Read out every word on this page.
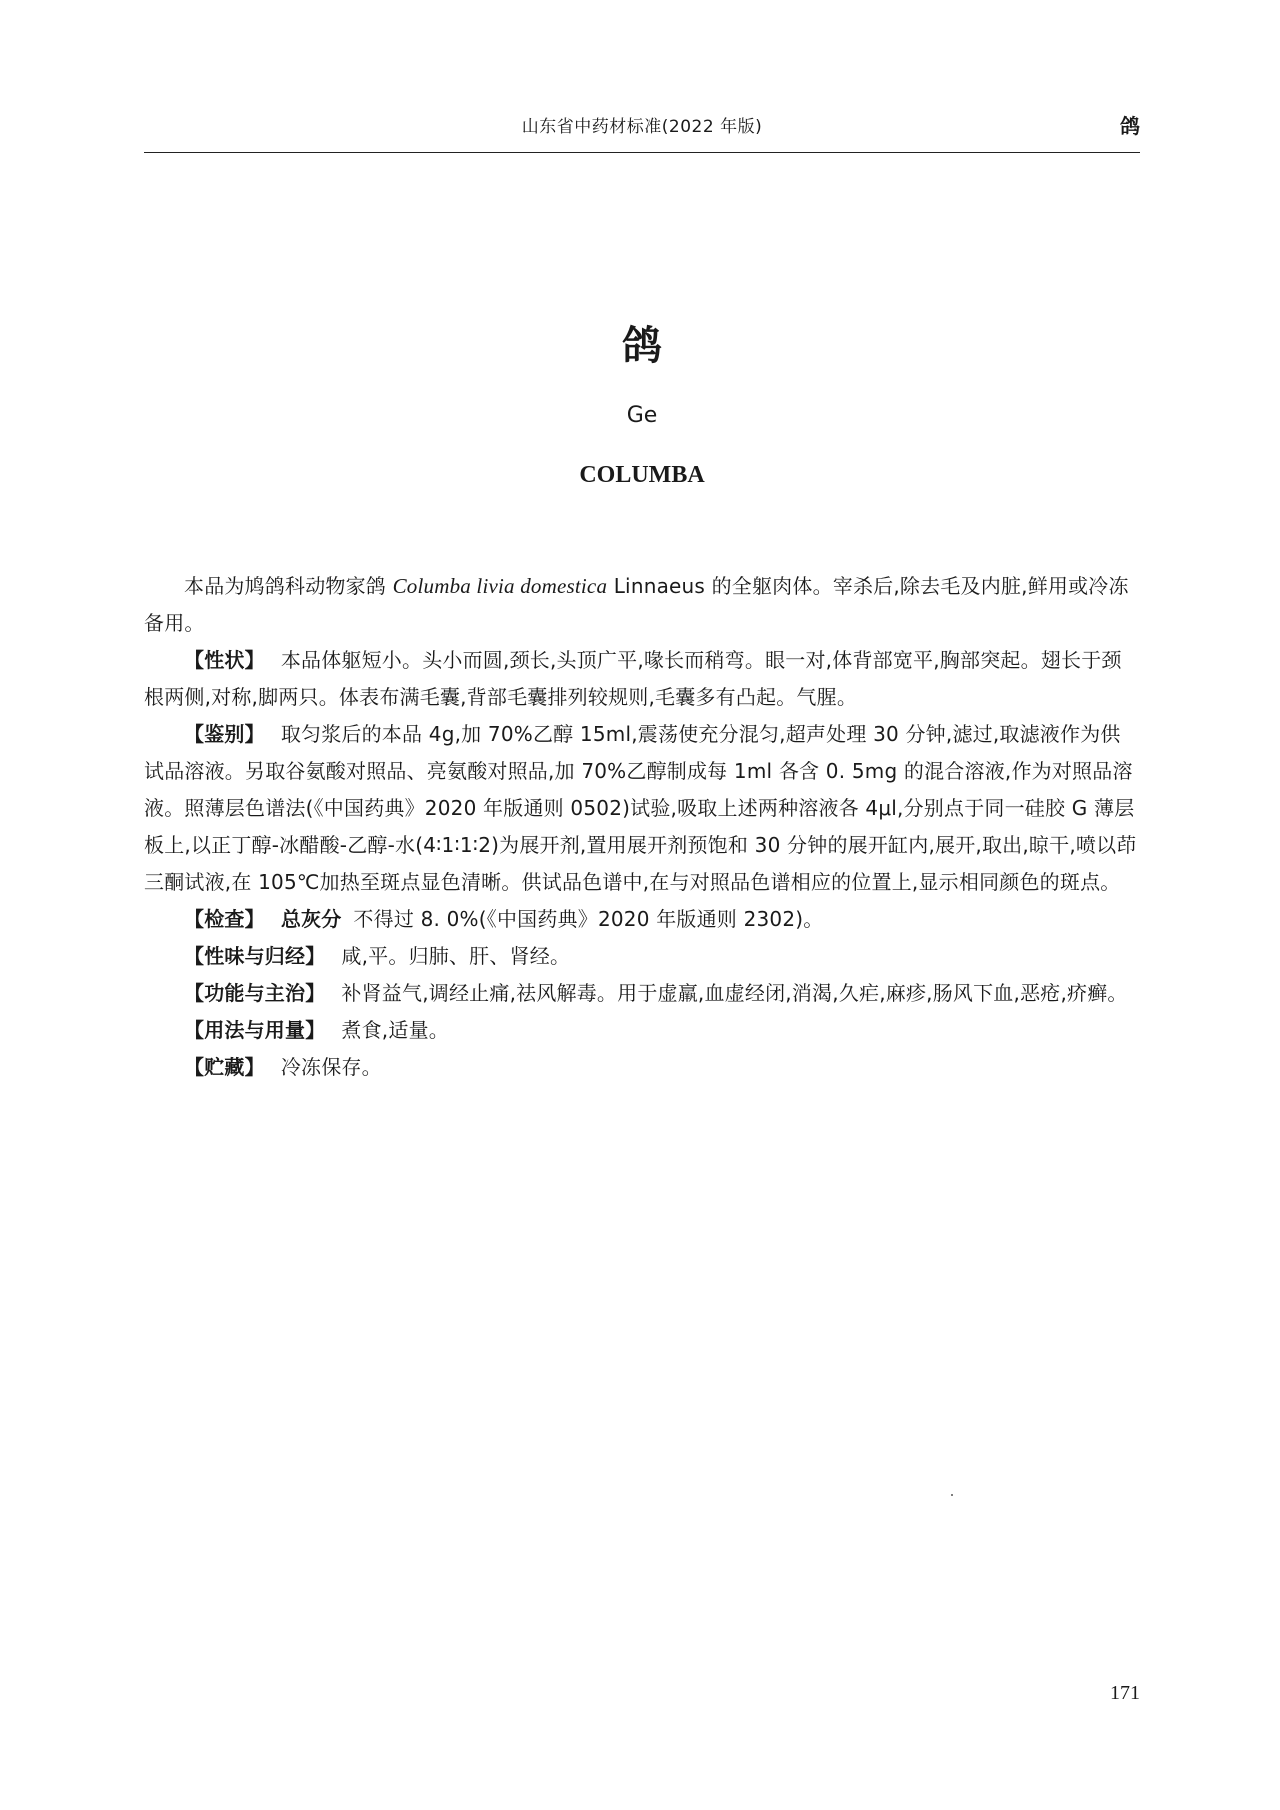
山东省中药材标准(2022 年版)	鸽
鸽
Ge
COLUMBA

本品为鸠鸽科动物家鸽 Columba livia domestica Linnaeus 的全躯肉体。宰杀后,除去毛及内脏,鲜用或冷冻备用。

【性状】 本品体躯短小。头小而圆,颈长,头顶广平,喙长而稍弯。眼一对,体背部宽平,胸部突起。翅长于颈根两侧,对称,脚两只。体表布满毛囊,背部毛囊排列较规则,毛囊多有凸起。气腥。

【鉴别】 取匀浆后的本品 4g,加 70%乙醇 15ml,震荡使充分混匀,超声处理 30 分钟,滤过,取滤液作为供试品溶液。另取谷氨酸对照品、亮氨酸对照品,加 70%乙醇制成每 1ml 各含 0. 5mg 的混合溶液,作为对照品溶液。照薄层色谱法(《中国药典》2020 年版通则 0502)试验,吸取上述两种溶液各 4μl,分别点于同一硅胶 G 薄层板上,以正丁醇-冰醋酸-乙醇-水(4∶1∶1∶2)为展开剂,置用展开剂预饱和 30 分钟的展开缸内,展开,取出,晾干,喷以茚三酮试液,在 105℃加热至斑点显色清晰。供试品色谱中,在与对照品色谱相应的位置上,显示相同颜色的斑点。

【检查】 总灰分 不得过 8. 0%(《中国药典》2020 年版通则 2302)。

【性味与归经】 咸,平。归肺、肝、肾经。

【功能与主治】 补肾益气,调经止痛,祛风解毒。用于虚羸,血虚经闭,消渴,久疟,麻疹,肠风下血,恶疮,疥癣。

【用法与用量】 煮食,适量。

【贮藏】 冷冻保存。

171
